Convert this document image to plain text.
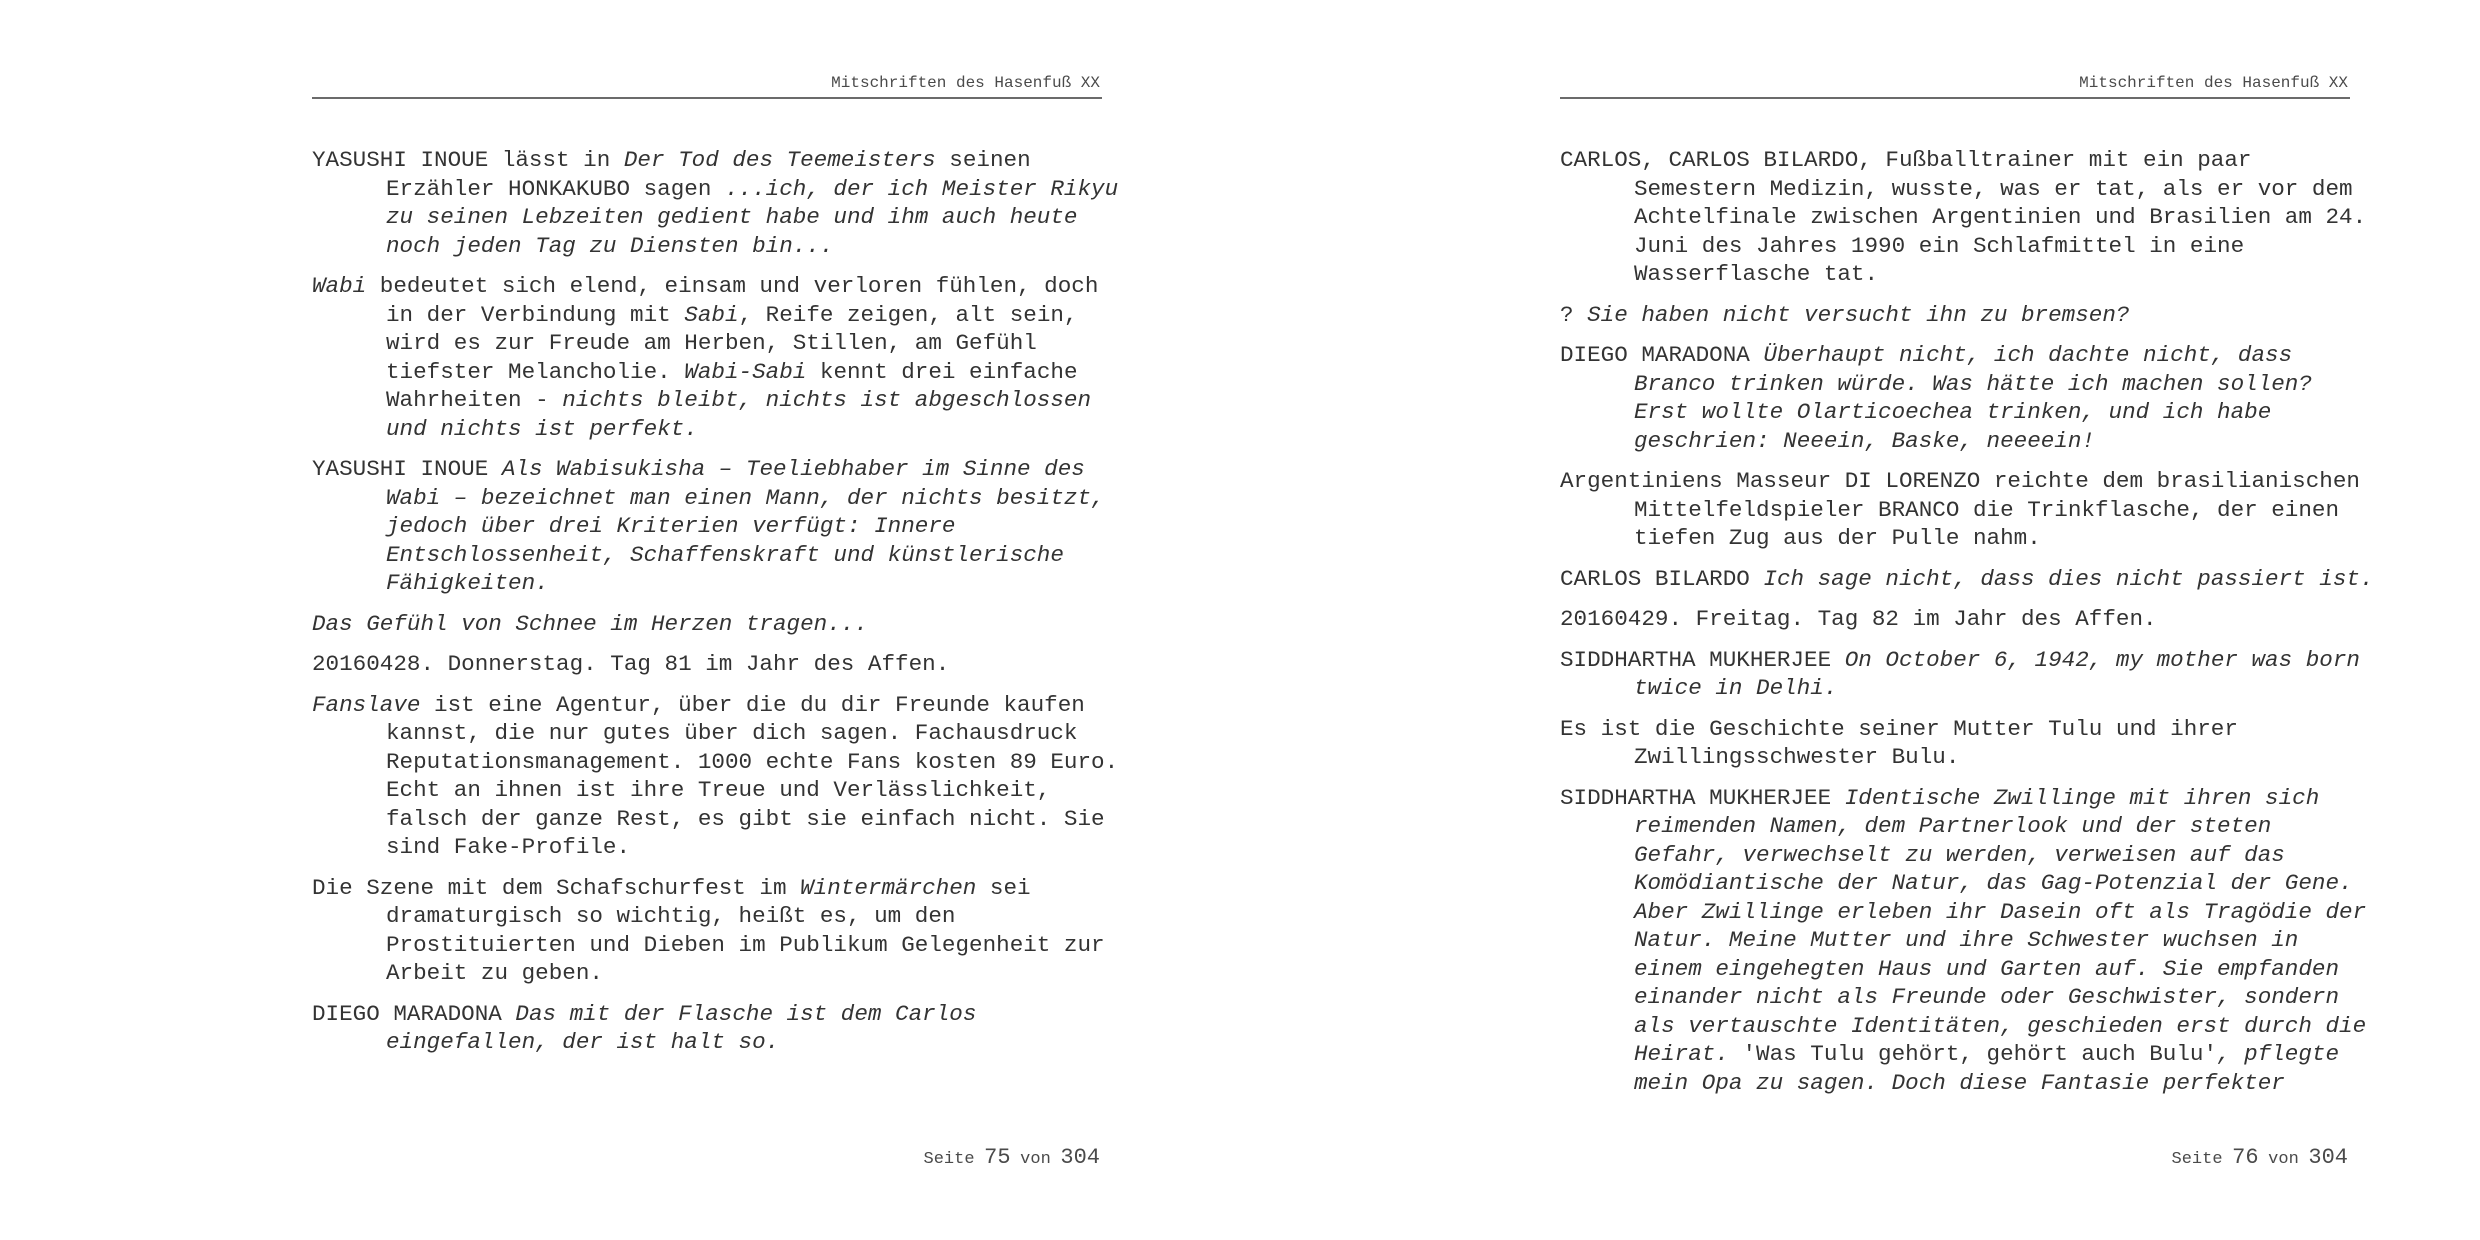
Mitschriften des Hasenfuß XX
YASUSHI INOUE lässt in Der Tod des Teemeisters seinen
Erzähler HONKAKUBO sagen ...ich, der ich Meister Rikyu
zu seinen Lebzeiten gedient habe und ihm auch heute
noch jeden Tag zu Diensten bin...
Wabi bedeutet sich elend, einsam und verloren fühlen, doch
in der Verbindung mit Sabi, Reife zeigen, alt sein,
wird es zur Freude am Herben, Stillen, am Gefühl
tiefster Melancholie. Wabi-Sabi kennt drei einfache
Wahrheiten - nichts bleibt, nichts ist abgeschlossen
und nichts ist perfekt.
YASUSHI INOUE Als Wabisukisha – Teeliebhaber im Sinne des
Wabi – bezeichnet man einen Mann, der nichts besitzt,
jedoch über drei Kriterien verfügt: Innere
Entschlossenheit, Schaffenskraft und künstlerische
Fähigkeiten.
Das Gefühl von Schnee im Herzen tragen...
20160428. Donnerstag. Tag 81 im Jahr des Affen.
Fanslave ist eine Agentur, über die du dir Freunde kaufen
kannst, die nur gutes über dich sagen. Fachausdruck
Reputationsmanagement. 1000 echte Fans kosten 89 Euro.
Echt an ihnen ist ihre Treue und Verlässlichkeit,
falsch der ganze Rest, es gibt sie einfach nicht. Sie
sind Fake-Profile.
Die Szene mit dem Schafschurfest im Wintermärchen sei
dramaturgisch so wichtig, heißt es, um den
Prostituierten und Dieben im Publikum Gelegenheit zur
Arbeit zu geben.
DIEGO MARADONA Das mit der Flasche ist dem Carlos
eingefallen, der ist halt so.
Seite 75 von 304
Mitschriften des Hasenfuß XX
CARLOS, CARLOS BILARDO, Fußballtrainer mit ein paar
Semestern Medizin, wusste, was er tat, als er vor dem
Achtelfinale zwischen Argentinien und Brasilien am 24.
Juni des Jahres 1990 ein Schlafmittel in eine
Wasserflasche tat.
? Sie haben nicht versucht ihn zu bremsen?
DIEGO MARADONA Überhaupt nicht, ich dachte nicht, dass
Branco trinken würde. Was hätte ich machen sollen?
Erst wollte Olarticoechea trinken, und ich habe
geschrien: Neeein, Baske, neeeein!
Argentiniens Masseur DI LORENZO reichte dem brasilianischen
Mittelfeldspieler BRANCO die Trinkflasche, der einen
tiefen Zug aus der Pulle nahm.
CARLOS BILARDO Ich sage nicht, dass dies nicht passiert ist.
20160429. Freitag. Tag 82 im Jahr des Affen.
SIDDHARTHA MUKHERJEE On October 6, 1942, my mother was born
twice in Delhi.
Es ist die Geschichte seiner Mutter Tulu und ihrer
Zwillingsschwester Bulu.
SIDDHARTHA MUKHERJEE Identische Zwillinge mit ihren sich
reimenden Namen, dem Partnerlook und der steten
Gefahr, verwechselt zu werden, verweisen auf das
Komödiantische der Natur, das Gag-Potenzial der Gene.
Aber Zwillinge erleben ihr Dasein oft als Tragödie der
Natur. Meine Mutter und ihre Schwester wuchsen in
einem eingehegten Haus und Garten auf. Sie empfanden
einander nicht als Freunde oder Geschwister, sondern
als vertauschte Identitäten, geschieden erst durch die
Heirat. 'Was Tulu gehört, gehört auch Bulu', pflegte
mein Opa zu sagen. Doch diese Fantasie perfekter
Seite 76 von 304
